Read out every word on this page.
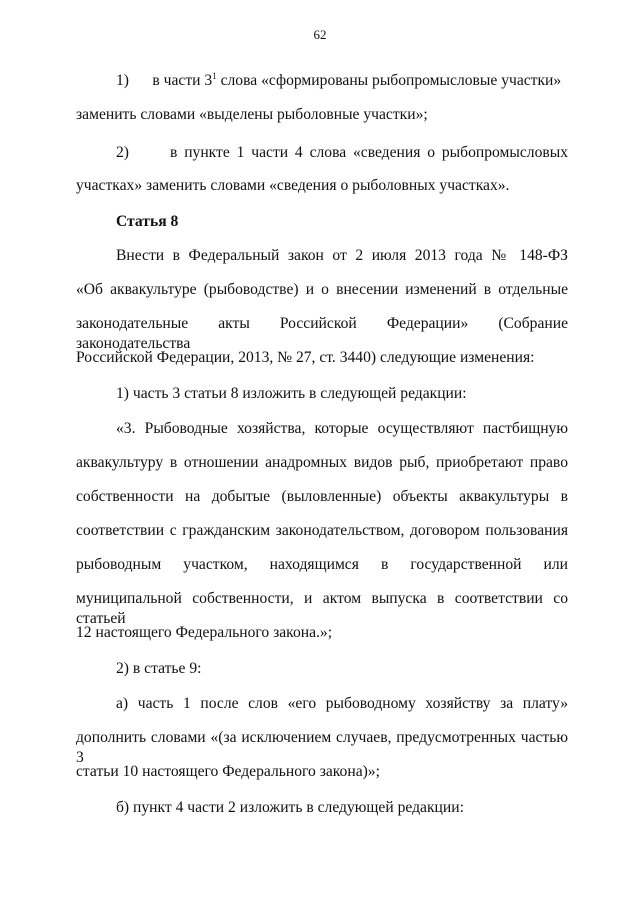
62
1)      в части $3^1$ слова «сформированы рыбопромысловые участки»
заменить словами «выделены рыболовные участки»;
2)      в пункте 1 части 4 слова «сведения о рыбопромысловых
участках» заменить словами «сведения о рыболовных участках».
Статья 8
Внести в Федеральный закон от 2 июля 2013 года № 148-ФЗ
«Об аквакультуре (рыбоводстве) и о внесении изменений в отдельные
законодательные акты Российской Федерации» (Собрание законодательства
Российской Федерации, 2013, № 27, ст. 3440) следующие изменения:
1) часть 3 статьи 8 изложить в следующей редакции:
«3. Рыбоводные хозяйства, которые осуществляют пастбищную
аквакультуру в отношении анадромных видов рыб, приобретают право
собственности на добытые (выловленные) объекты аквакультуры в
соответствии с гражданским законодательством, договором пользования
рыбоводным участком, находящимся в государственной или
муниципальной собственности, и актом выпуска в соответствии со статьей
12 настоящего Федерального закона.»;
2) в статье 9:
а) часть 1 после слов «его рыбоводному хозяйству за плату»
дополнить словами «(за исключением случаев, предусмотренных частью 3
статьи 10 настоящего Федерального закона)»;
б) пункт 4 части 2 изложить в следующей редакции:
